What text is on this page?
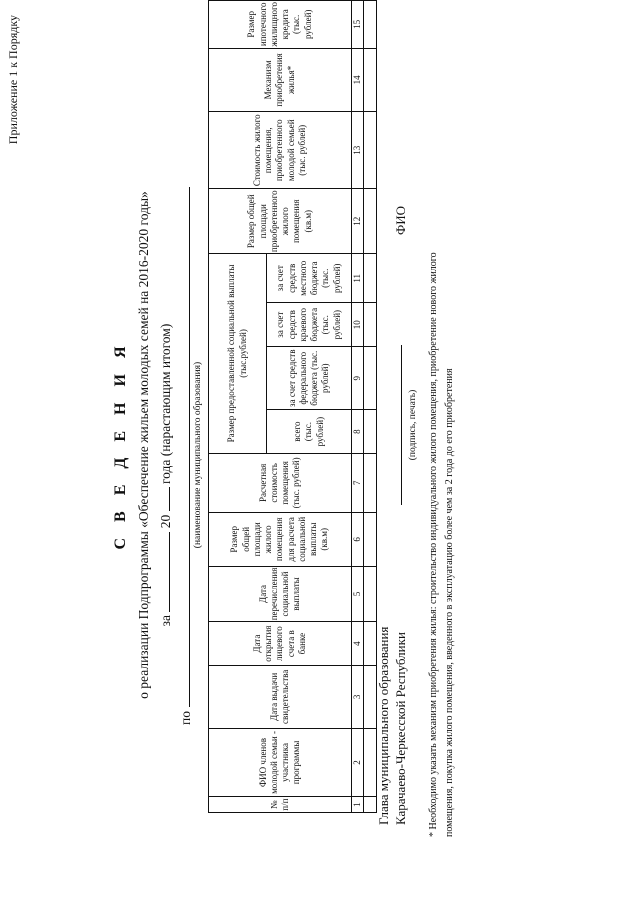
Приложение 1 к Порядку
С В Е Д Е Н И Я о реализации Подпрограммы «Обеспечение жильем молодых семей на 2016-2020 годы» за  20  года (нарастающим итогом)
по
(наименование муниципального образования)
№ п/п	ФИО членов молодой семьи - участника программы	Дата выдачи свидетельства	Дата открытия лицевого счета в банке	Дата перечисления социальной выплаты	Размер общей площади жилого помещения для расчета социальной выплаты (кв.м)	Расчетная стоимость помещения (тыс. рублей)	Размер предоставленной социальной выплаты (тыс.рублей)				Размер общей площади приобретенного жилого помещения (кв.м)	Стоимость жилого помещения, приобретенного молодой семьей (тыс. рублей)	Механизм приобретения жилья*	Размер ипотечного жилищного кредита (тыс. рублей)
							всего (тыс. рублей)	за счет средств федерального бюджета (тыс. рублей)	за счет средств краевого бюджета (тыс. рублей)	за счет средств местного бюджета (тыс. рублей)				
1	2	3	4	5	6	7	8	9	10	11	12	13	14	15

Глава муниципального образования Карачаево-Черкесской Республики
(подпись, печать)
ФИО
* Необходимо указать механизм приобретения жилья: строительство индивидуального жилого помещения, приобретение нового жилого помещения, покупка жилого помещения, введенного в эксплуатацию более чем за 2 года до его приобретения
